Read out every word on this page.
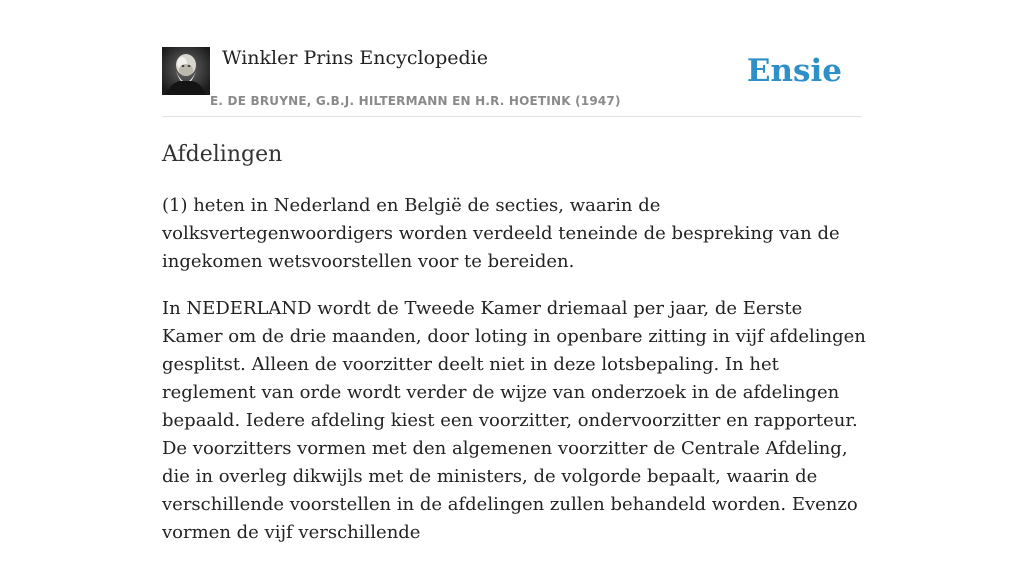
Winkler Prins Encyclopedie
E. DE BRUYNE, G.B.J. HILTERMANN EN H.R. HOETINK (1947)
Ensie
Afdelingen

(1) heten in Nederland en België de secties, waarin de volksvertegenwoordigers worden verdeeld teneinde de bespreking van de ingekomen wetsvoorstellen voor te bereiden.

In NEDERLAND wordt de Tweede Kamer driemaal per jaar, de Eerste Kamer om de drie maanden, door loting in openbare zitting in vijf afdelingen gesplitst. Alleen de voorzitter deelt niet in deze lotsbepaling. In het reglement van orde wordt verder de wijze van onderzoek in de afdelingen bepaald. Iedere afdeling kiest een voorzitter, ondervoorzitter en rapporteur. De voorzitters vormen met den algemenen voorzitter de Centrale Afdeling, die in overleg dikwijls met de ministers, de volgorde bepaalt, waarin de verschillende voorstellen in de afdelingen zullen behandeld worden. Evenzo vormen de vijf verschillende
